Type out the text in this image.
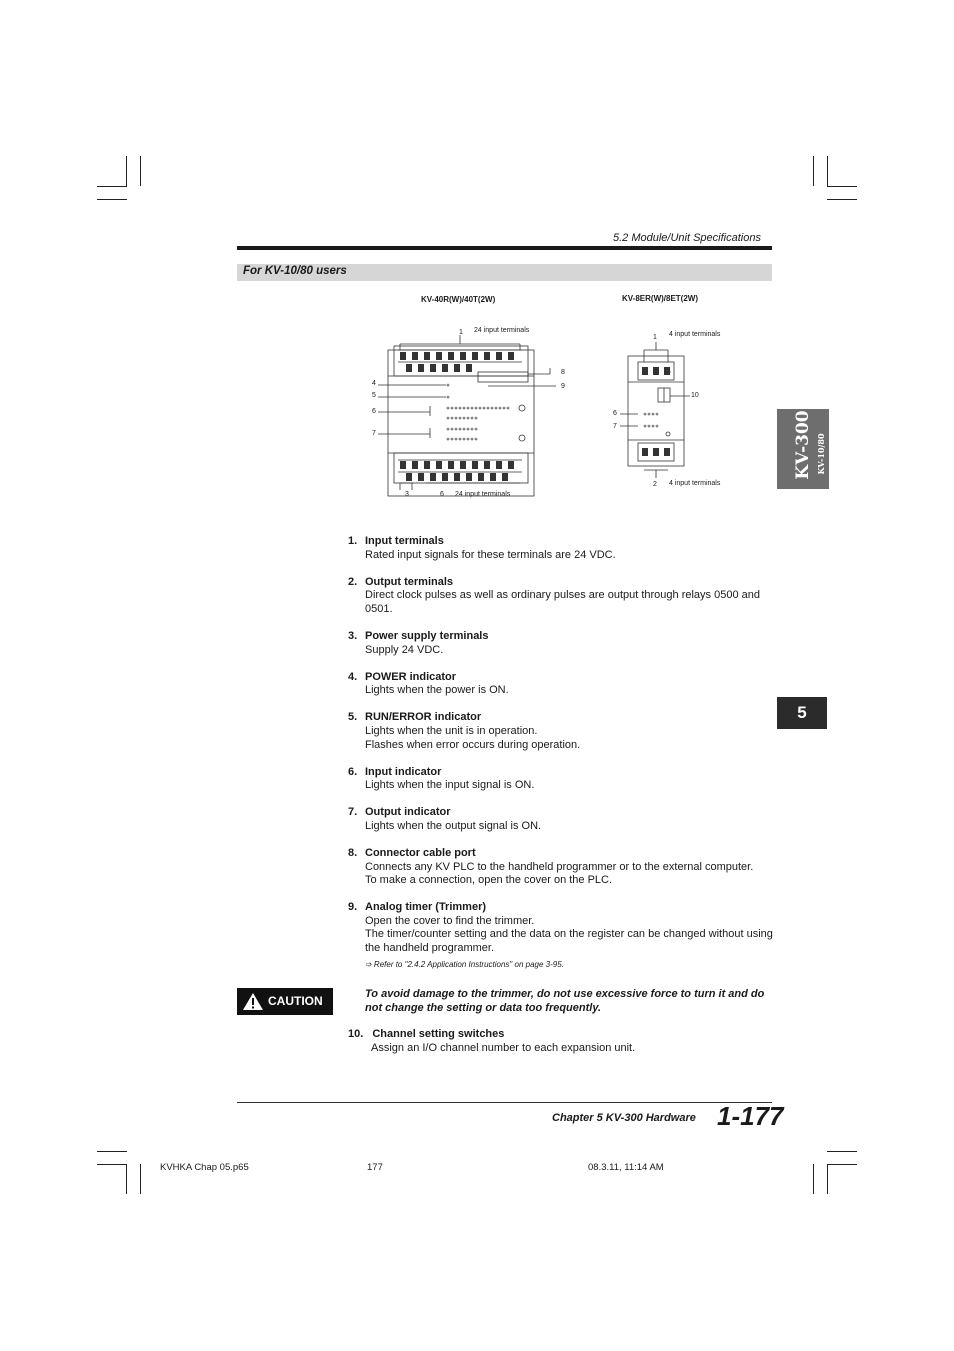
5.2 Module/Unit Specifications
For KV-10/80 users
KV-300 KV-10/80
5
KV-40R(W)/40T(2W)	KV-8ER(W)/8ET(2W)
1 24 input terminals
4
5
6
7
8
9
3	6 24 input terminals
1 4 input terminals
10
6
7
2 4 input terminals
1. Input terminals
Rated input signals for these terminals are 24 VDC.
2. Output terminals
Direct clock pulses as well as ordinary pulses are output through relays 0500 and 0501.
3. Power supply terminals
Supply 24 VDC.
4. POWER indicator
Lights when the power is ON.
5. RUN/ERROR indicator
Lights when the unit is in operation.
Flashes when error occurs during operation.
6. Input indicator
Lights when the input signal is ON.
7. Output indicator
Lights when the output signal is ON.
8. Connector cable port
Connects any KV PLC to the handheld programmer or to the external computer.
To make a connection, open the cover on the PLC.
9. Analog timer (Trimmer)
Open the cover to find the trimmer.
The timer/counter setting and the data on the register can be changed without using the handheld programmer.
➩ Refer to "2.4.2 Application Instructions" on page 3-95.
CAUTION	To avoid damage to the trimmer, do not use excessive force to turn it and do not change the setting or data too frequently.
10. Channel setting switches
Assign an I/O channel number to each expansion unit.
Chapter 5 KV-300 Hardware 1-177
KVHKA Chap 05.p65	177	08.3.11, 11:14 AM
